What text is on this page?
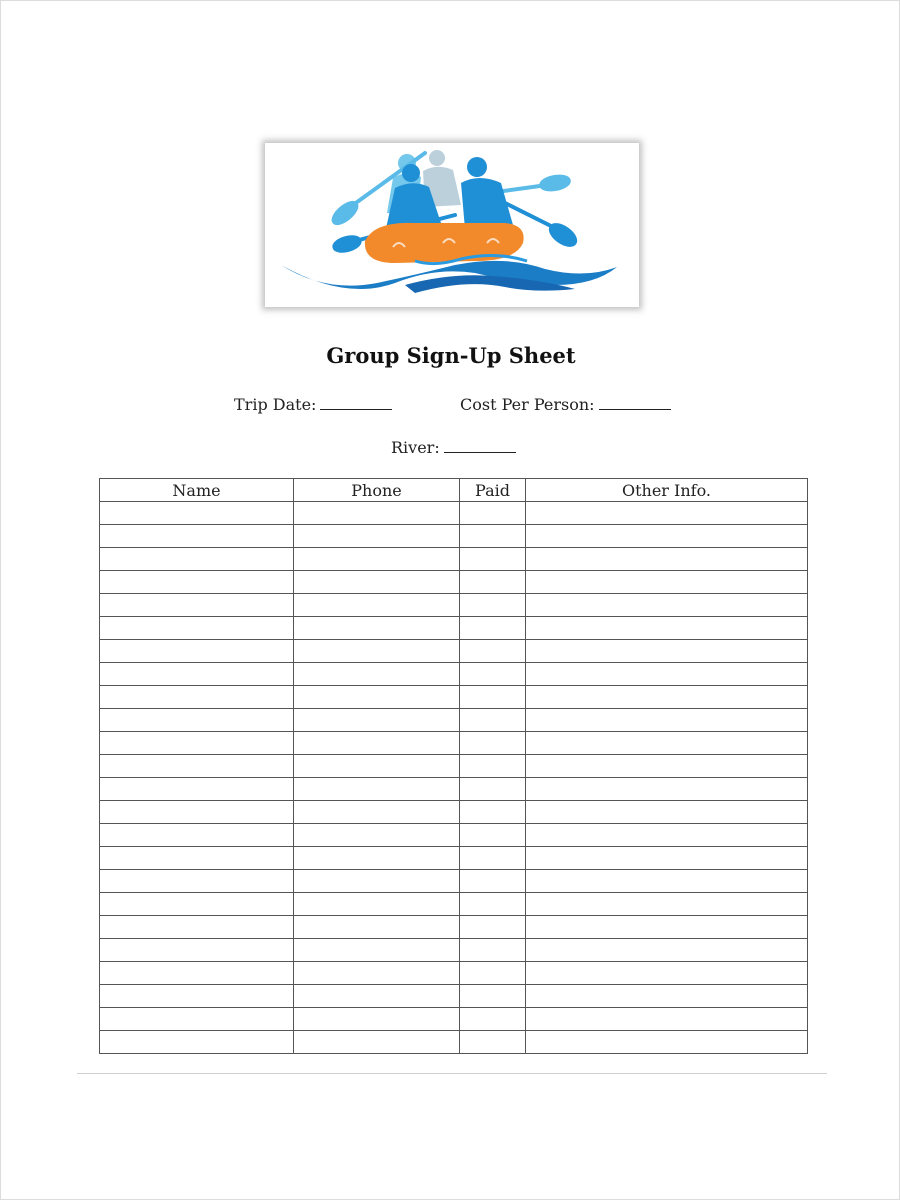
Group Sign-Up Sheet
Trip Date:	Cost Per Person:
River:
Name	Phone	Paid	Other Info.
